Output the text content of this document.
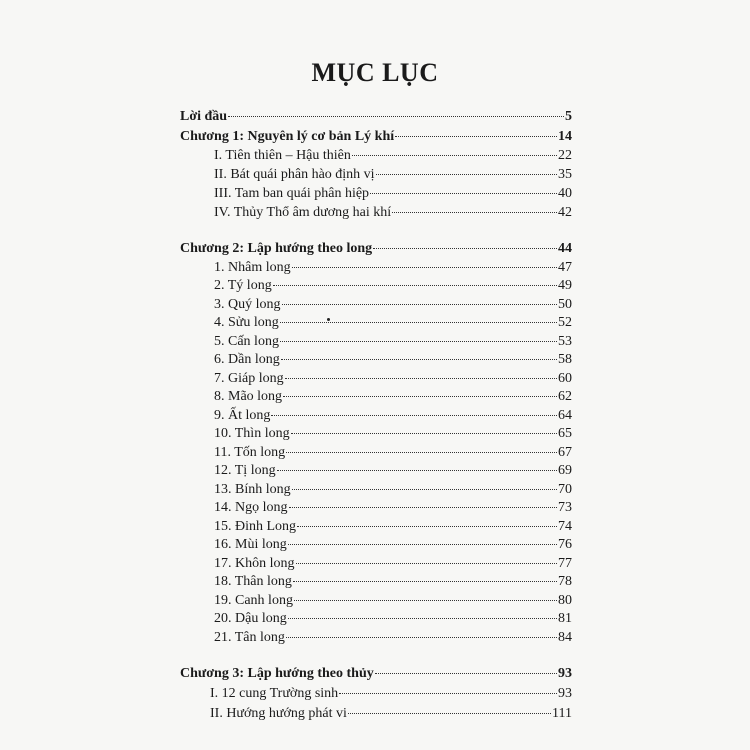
MỤC LỤC
Lời đầu	5
Chương 1: Nguyên lý cơ bản Lý khí	14
I. Tiên thiên – Hậu thiên	22
II. Bát quái phân hào định vị	35
III. Tam ban quái phân hiệp	40
IV. Thủy Thổ âm dương hai khí	42
Chương 2: Lập hướng theo long	44
1. Nhâm long	47
2. Tý long	49
3. Quý long	50
4. Sửu long	52
5. Cấn long	53
6. Dần long	58
7. Giáp long	60
8. Mão long	62
9. Ất long	64
10. Thìn long	65
11. Tốn long	67
12. Tị long	69
13. Bính long	70
14. Ngọ long	73
15. Đinh Long	74
16. Mùi long	76
17. Khôn long	77
18. Thân long	78
19. Canh long	80
20. Dậu long	81
21. Tân long	84
Chương 3: Lập hướng theo thủy	93
I. 12 cung Trường sinh	93
II. Hướng hướng phát vi	111
